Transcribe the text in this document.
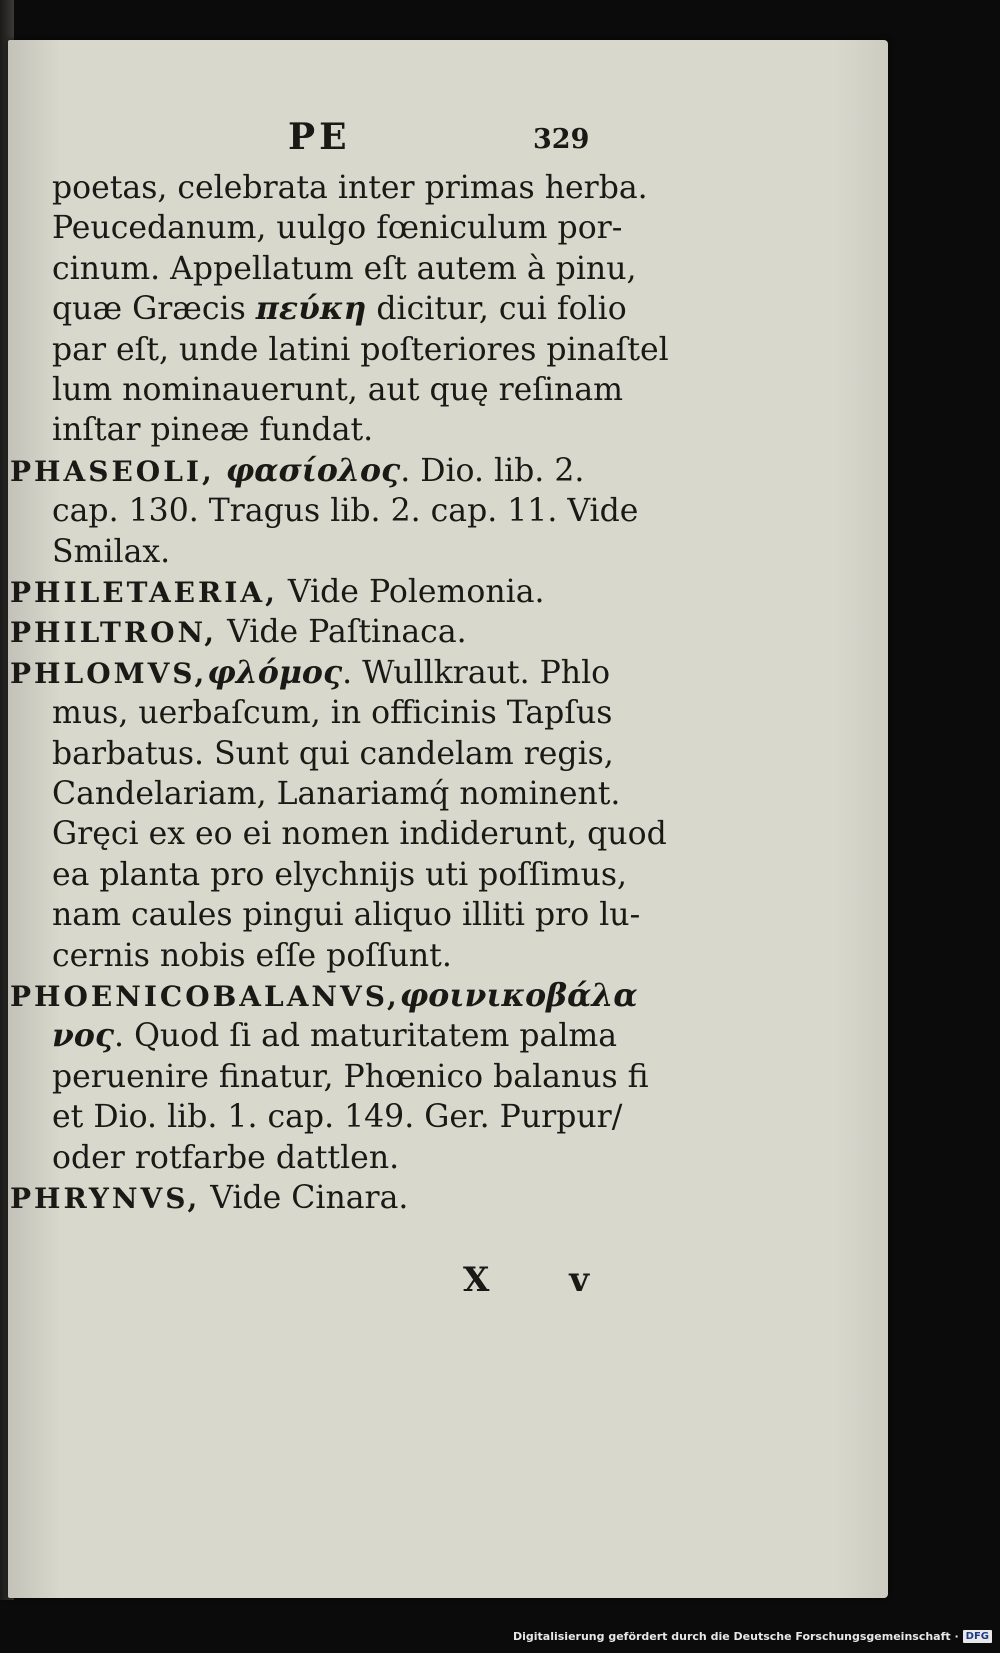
PE	329
poetas, celebrata inter primas herba.
Peucedanum, uulgo fœniculum por-
cinum. Appellatum eſt autem à pinu,
quæ Græcis πεύκη dicitur, cui folio
par eſt, unde latini poſteriores pinaſtel
lum nominauerunt, aut quę reſinam
inſtar pineæ fundat.
PHASEOLI, φασίολος. Dio. lib. 2.
cap. 130. Tragus lib. 2. cap. 11. Vide
Smilax.
PHILETAERIA, Vide Polemonia.
PHILTRON, Vide Paſtinaca.
PHLOMVS,φλόμος. Wullkraut. Phlo
mus, uerbaſcum, in officinis Tapſus
barbatus. Sunt qui candelam regis,
Candelariam, Lanariamq́ nominent.
Gręci ex eo ei nomen indiderunt, quod
ea planta pro elychnijs uti poſſimus,
nam caules pingui aliquo illiti pro lu-
cernis nobis eſſe poſſunt.
PHOENICOBALANVS,φοινικοβάλα
νος. Quod ſi ad maturitatem palma
peruenire finatur, Phœnico balanus fi
et Dio. lib. 1. cap. 149. Ger. Purpur/
oder rotfarbe dattlen.
PHRYNVS, Vide Cinara.
X v
Digitalisierung gefördert durch die Deutsche Forschungsgemeinschaft · DFG
